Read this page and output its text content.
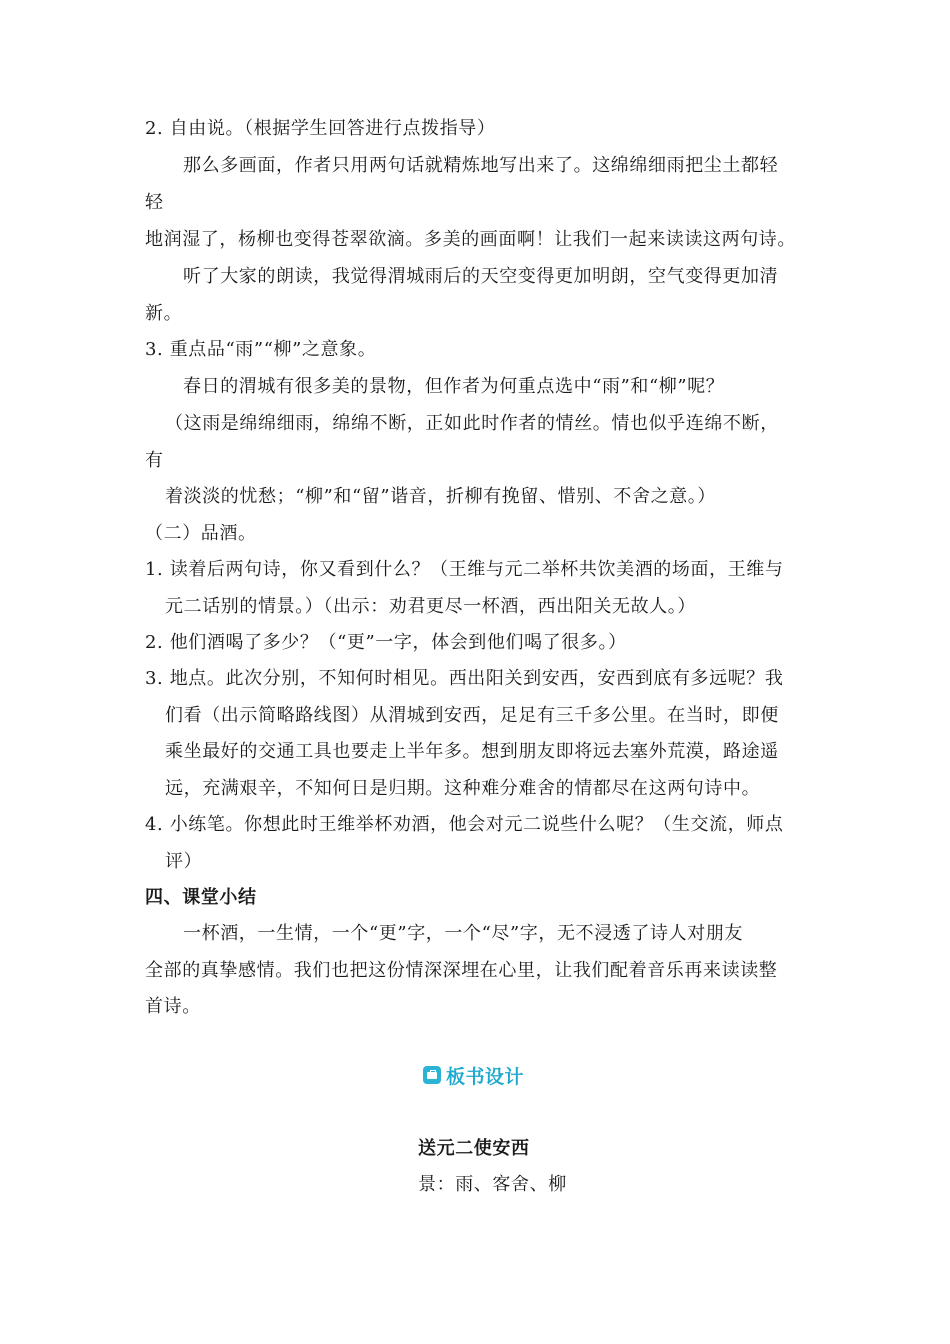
2. 自由说。（根据学生回答进行点拨指导）
那么多画面，作者只用两句话就精炼地写出来了。这绵绵细雨把尘土都轻
轻
地润湿了，杨柳也变得苍翠欲滴。多美的画面啊！让我们一起来读读这两句诗。
听了大家的朗读，我觉得渭城雨后的天空变得更加明朗，空气变得更加清
新。
3. 重点品“雨”“柳”之意象。
春日的渭城有很多美的景物，但作者为何重点选中“雨”和“柳”呢？
（这雨是绵绵细雨，绵绵不断，正如此时作者的情丝。情也似乎连绵不断，
有
着淡淡的忧愁；“柳”和“留”谐音，折柳有挽留、惜别、不舍之意。）
（二）品酒。
1. 读着后两句诗，你又看到什么？（王维与元二举杯共饮美酒的场面，王维与
元二话别的情景。）（出示：劝君更尽一杯酒，西出阳关无故人。）
2. 他们酒喝了多少？（“更”一字，体会到他们喝了很多。）
3. 地点。此次分别，不知何时相见。西出阳关到安西，安西到底有多远呢？我
们看（出示简略路线图）从渭城到安西，足足有三千多公里。在当时，即便
乘坐最好的交通工具也要走上半年多。想到朋友即将远去塞外荒漠，路途遥
远，充满艰辛，不知何日是归期。这种难分难舍的情都尽在这两句诗中。
4. 小练笔。你想此时王维举杯劝酒，他会对元二说些什么呢？（生交流，师点
评）
四、课堂小结
一杯酒，一生情，一个“更”字，一个“尽”字，无不浸透了诗人对朋友
全部的真挚感情。我们也把这份情深深埋在心里，让我们配着音乐再来读读整
首诗。
板书设计
送元二使安西
景：雨、客舍、柳
